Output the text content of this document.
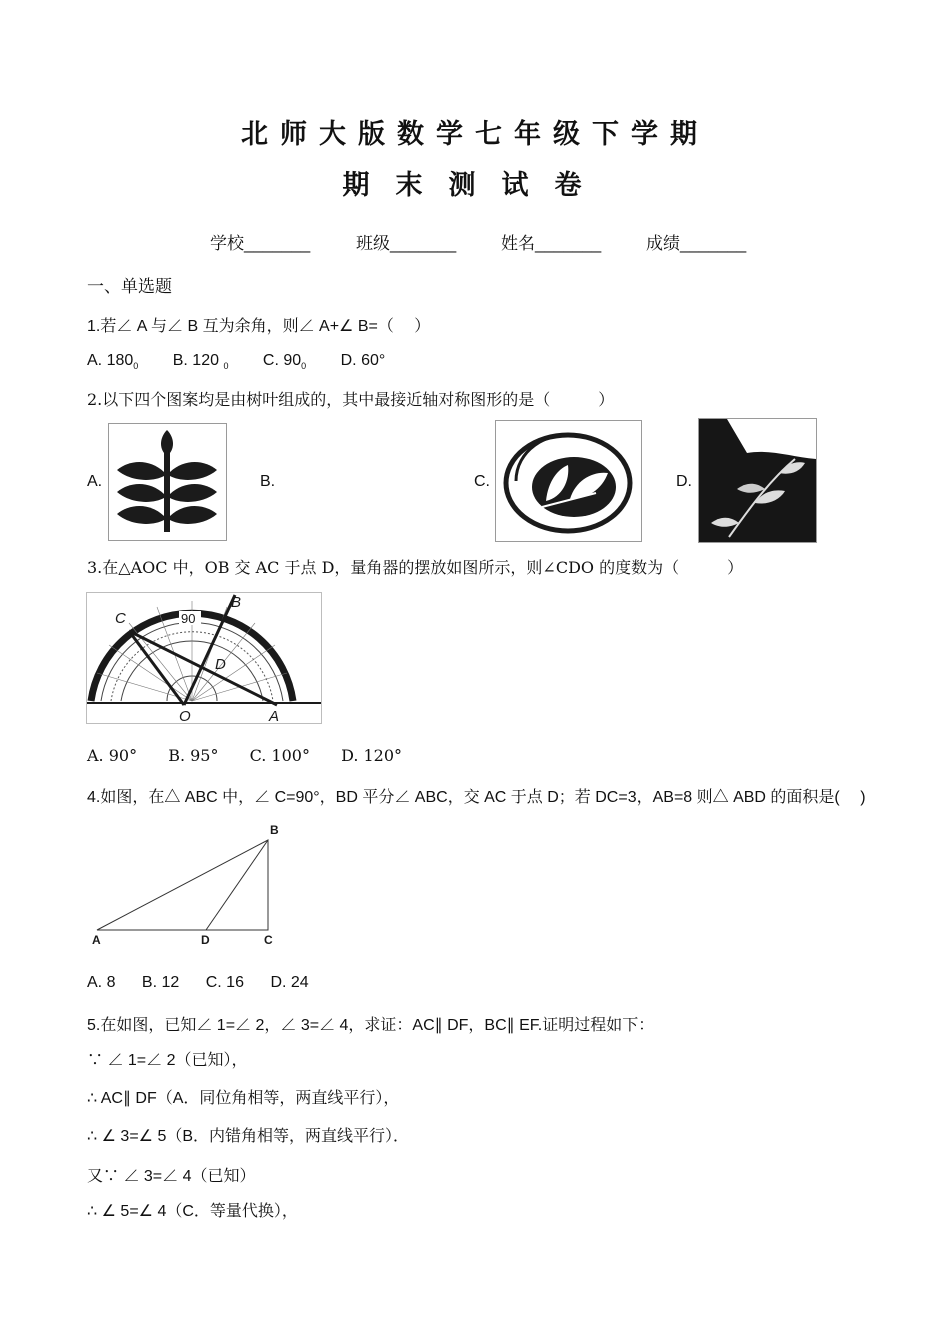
北师大版数学七年级下学期
期末测试卷
学校_______	班级_______	姓名_______	成绩_______
一、单选题
1.若∠ A 与∠ B 互为余角，则∠ A+∠ B=（　 ）
A. $180_0$ B. 120 $_0$ C. $90_0$ D. 60°
2.以下四个图案均是由树叶组成的，其中最接近轴对称图形的是（　　　）
A.	B.	C.	D.
3.在△AOC 中，OB 交 AC 于点 D，量角器的摆放如图所示，则∠CDO 的度数为（　　　）
90
C
B
D
O	A
A. 90° B. 95° C. 100° D. 120°
4.如图，在△ ABC 中，∠ C=90°，BD 平分∠ ABC，交 AC 于点 D；若 DC=3，AB=8 则△ ABD 的面积是(　 )
B
A	D	C
A. 8 B. 12 C. 16 D. 24
5.在如图，已知∠ 1=∠ 2，∠ 3=∠ 4，求证：AC∥ DF，BC∥ EF.证明过程如下：
∵ ∠ 1=∠ 2（已知），
∴ AC∥ DF（A．同位角相等，两直线平行），
∴ ∠ 3=∠ 5（B．内错角相等，两直线平行）．
又∵ ∠ 3=∠ 4（已知）
∴ ∠ 5=∠ 4（C．等量代换），
